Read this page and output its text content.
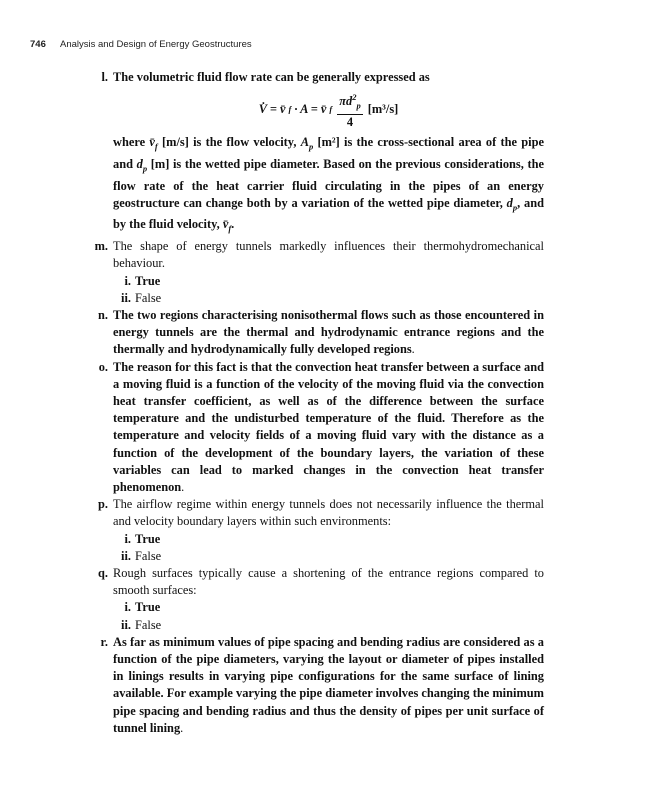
746 Analysis and Design of Energy Geostructures
l. The volumetric fluid flow rate can be generally expressed as
V̇ = v̄ f · A = v̄ f $\frac{\pi d^2_p}{4} [m^3/s]$
where $v̄_f$ [m/s] is the flow velocity, $A_p$ [m²] is the cross-sectional area of the pipe and $d_p$ [m] is the wetted pipe diameter. Based on the previous considerations, the flow rate of the heat carrier fluid circulating in the pipes of an energy geostructure can change both by a variation of the wetted pipe diameter, $d_p$, and by the fluid velocity, $v̄_f$.
m. The shape of energy tunnels markedly influences their thermohydromechanical behaviour.
i. True
ii. False
n. The two regions characterising nonisothermal flows such as those encountered in energy tunnels are the thermal and hydrodynamic entrance regions and the thermally and hydrodynamically fully developed regions.
o. The reason for this fact is that the convection heat transfer between a surface and a moving fluid is a function of the velocity of the moving fluid via the convection heat transfer coefficient, as well as of the difference between the surface temperature and the undisturbed temperature of the fluid. Therefore as the temperature and velocity fields of a moving fluid vary with the distance as a function of the development of the boundary layers, the variation of these variables can lead to marked changes in the convection heat transfer phenomenon.
p. The airflow regime within energy tunnels does not necessarily influence the thermal and velocity boundary layers within such environments:
i. True
ii. False
q. Rough surfaces typically cause a shortening of the entrance regions compared to smooth surfaces:
i. True
ii. False
r. As far as minimum values of pipe spacing and bending radius are considered as a function of the pipe diameters, varying the layout or diameter of pipes installed in linings results in varying pipe configurations for the same surface of lining available. For example varying the pipe diameter involves changing the minimum pipe spacing and bending radius and thus the density of pipes per unit surface of tunnel lining.
